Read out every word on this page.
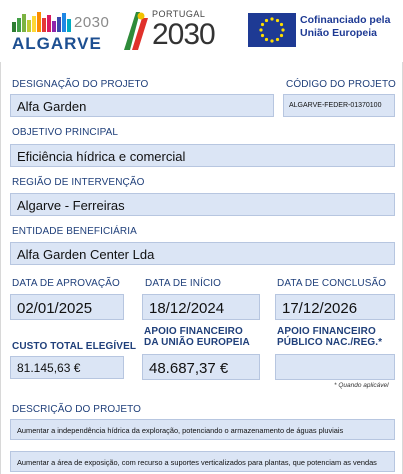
2030
ALGARVE
PORTUGAL
2030	Cofinanciado pela
União Europeia
DESIGNAÇÃO DO PROJETO
Alfa Garden
CÓDIGO DO PROJETO
ALGARVE-FEDER-01370100
OBJETIVO PRINCIPAL
Eficiência hídrica e comercial
REGIÃO DE INTERVENÇÃO
Algarve - Ferreiras
ENTIDADE BENEFICIÁRIA
Alfa Garden Center Lda
DATA DE APROVAÇÃO
02/01/2025
DATA DE INÍCIO
18/12/2024
DATA DE CONCLUSÃO
17/12/2026
CUSTO TOTAL ELEGÍVEL
81.145,63 €
APOIO FINANCEIRO
DA UNIÃO EUROPEIA
48.687,37 €
APOIO FINANCEIRO
PÚBLICO NAC./REG.*
* Quando aplicável
DESCRIÇÃO DO PROJETO
Aumentar a independência hídrica da exploração, potenciando o armazenamento de águas pluviais
Aumentar a área de exposição, com recurso a suportes verticalizados para plantas, que potenciam as vendas
